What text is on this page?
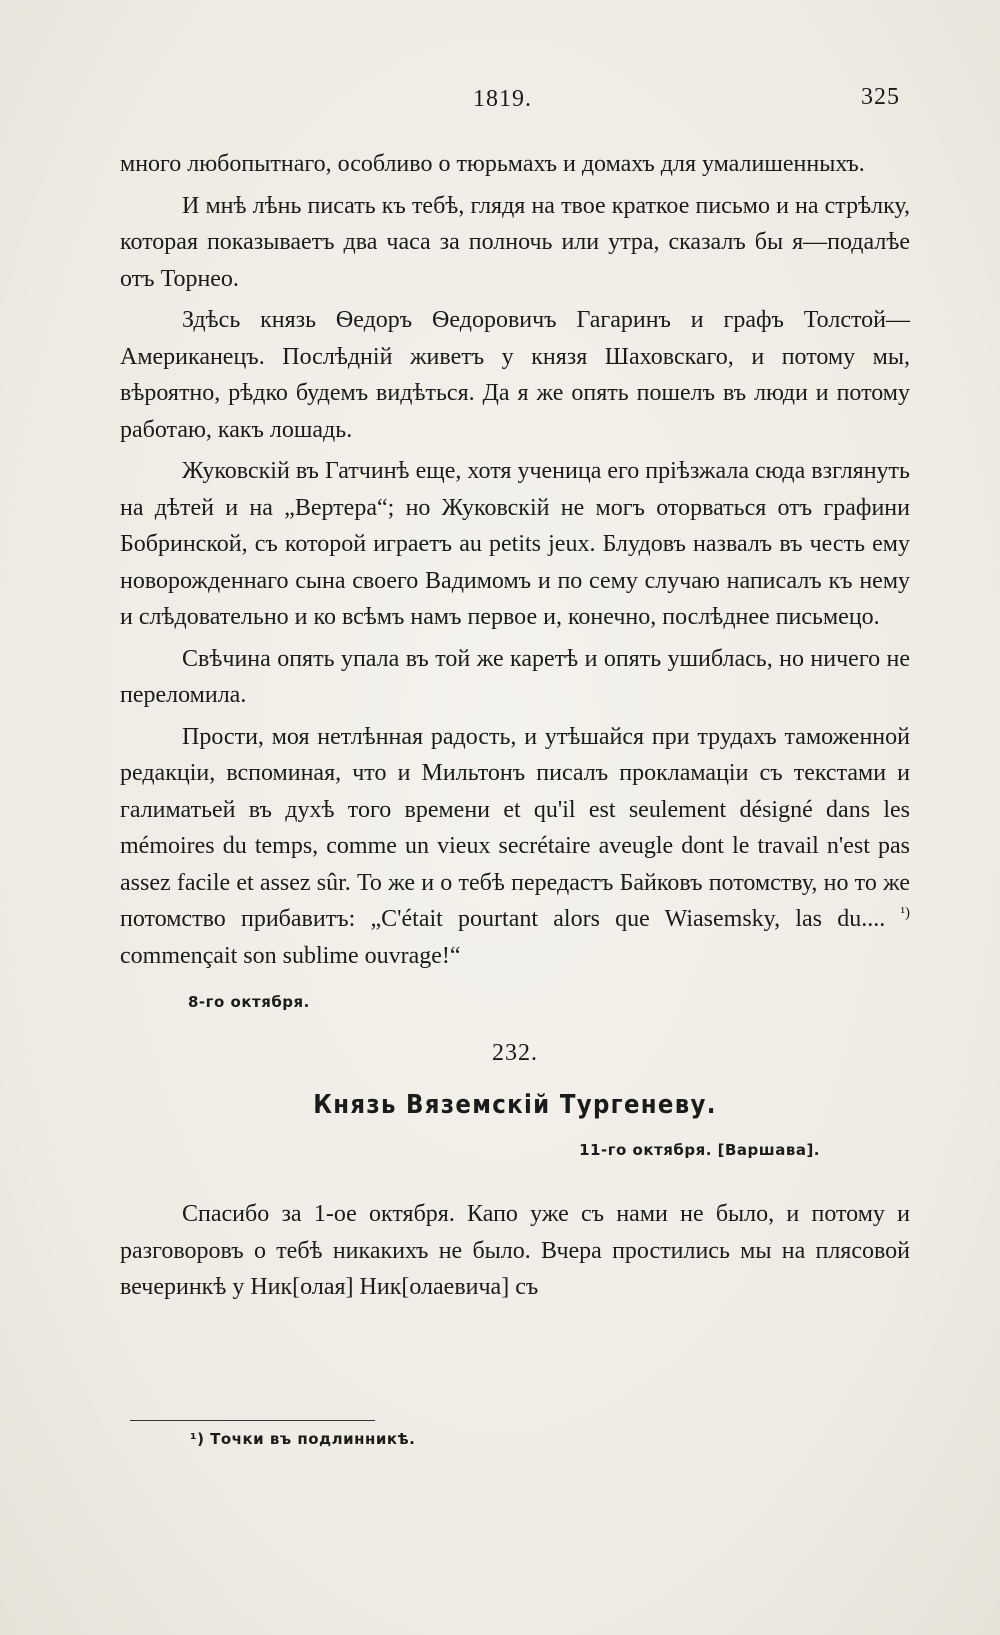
1819.	325

много любопытнаго, особливо о тюрьмахъ и домахъ для умалишенныхъ.

И мнѣ лѣнь писать къ тебѣ, глядя на твое краткое письмо и на стрѣлку, которая показываетъ два часа за полночь или утра, сказалъ бы я—подалѣе отъ Торнео.

Здѣсь князь Ѳедоръ Ѳедоровичъ Гагаринъ и графъ Толстой—Американецъ. Послѣдній живетъ у князя Шаховскаго, и потому мы, вѣроятно, рѣдко будемъ видѣться. Да я же опять пошелъ въ люди и потому работаю, какъ лошадь.

Жуковскій въ Гатчинѣ еще, хотя ученица его пріѣзжала сюда взглянуть на дѣтей и на „Вертера“; но Жуковскій не могъ оторваться отъ графини Бобринской, съ которой играетъ au petits jeux. Блудовъ назвалъ въ честь ему новорожденнаго сына своего Вадимомъ и по сему случаю написалъ къ нему и слѣдовательно и ко всѣмъ намъ первое и, конечно, послѣднее письмецо.

Свѣчина опять упала въ той же каретѣ и опять ушиблась, но ничего не переломила.

Прости, моя нетлѣнная радость, и утѣшайся при трудахъ таможенной редакціи, вспоминая, что и Мильтонъ писалъ прокламаціи съ текстами и галиматьей въ духѣ того времени et qu'il est seulement désigné dans les mémoires du temps, comme un vieux secrétaire aveugle dont le travail n'est pas assez facile et assez sûr. То же и о тебѣ передастъ Байковъ потомству, но то же потомство прибавитъ: „C'était pourtant alors que Wiasemsky, las du.... $^{^1)}$ commençait son sublime ouvrage!“

8-го октября.
232.
Князь Вяземскій Тургеневу.
11-го октября. [Варшава].

Спасибо за 1-ое октября. Капо уже съ нами не было, и потому и разговоровъ о тебѣ никакихъ не было. Вчера простились мы на плясовой вечеринкѣ у Ник[олая] Ник[олаевича] съ

¹) Точки въ подлинникѣ.
